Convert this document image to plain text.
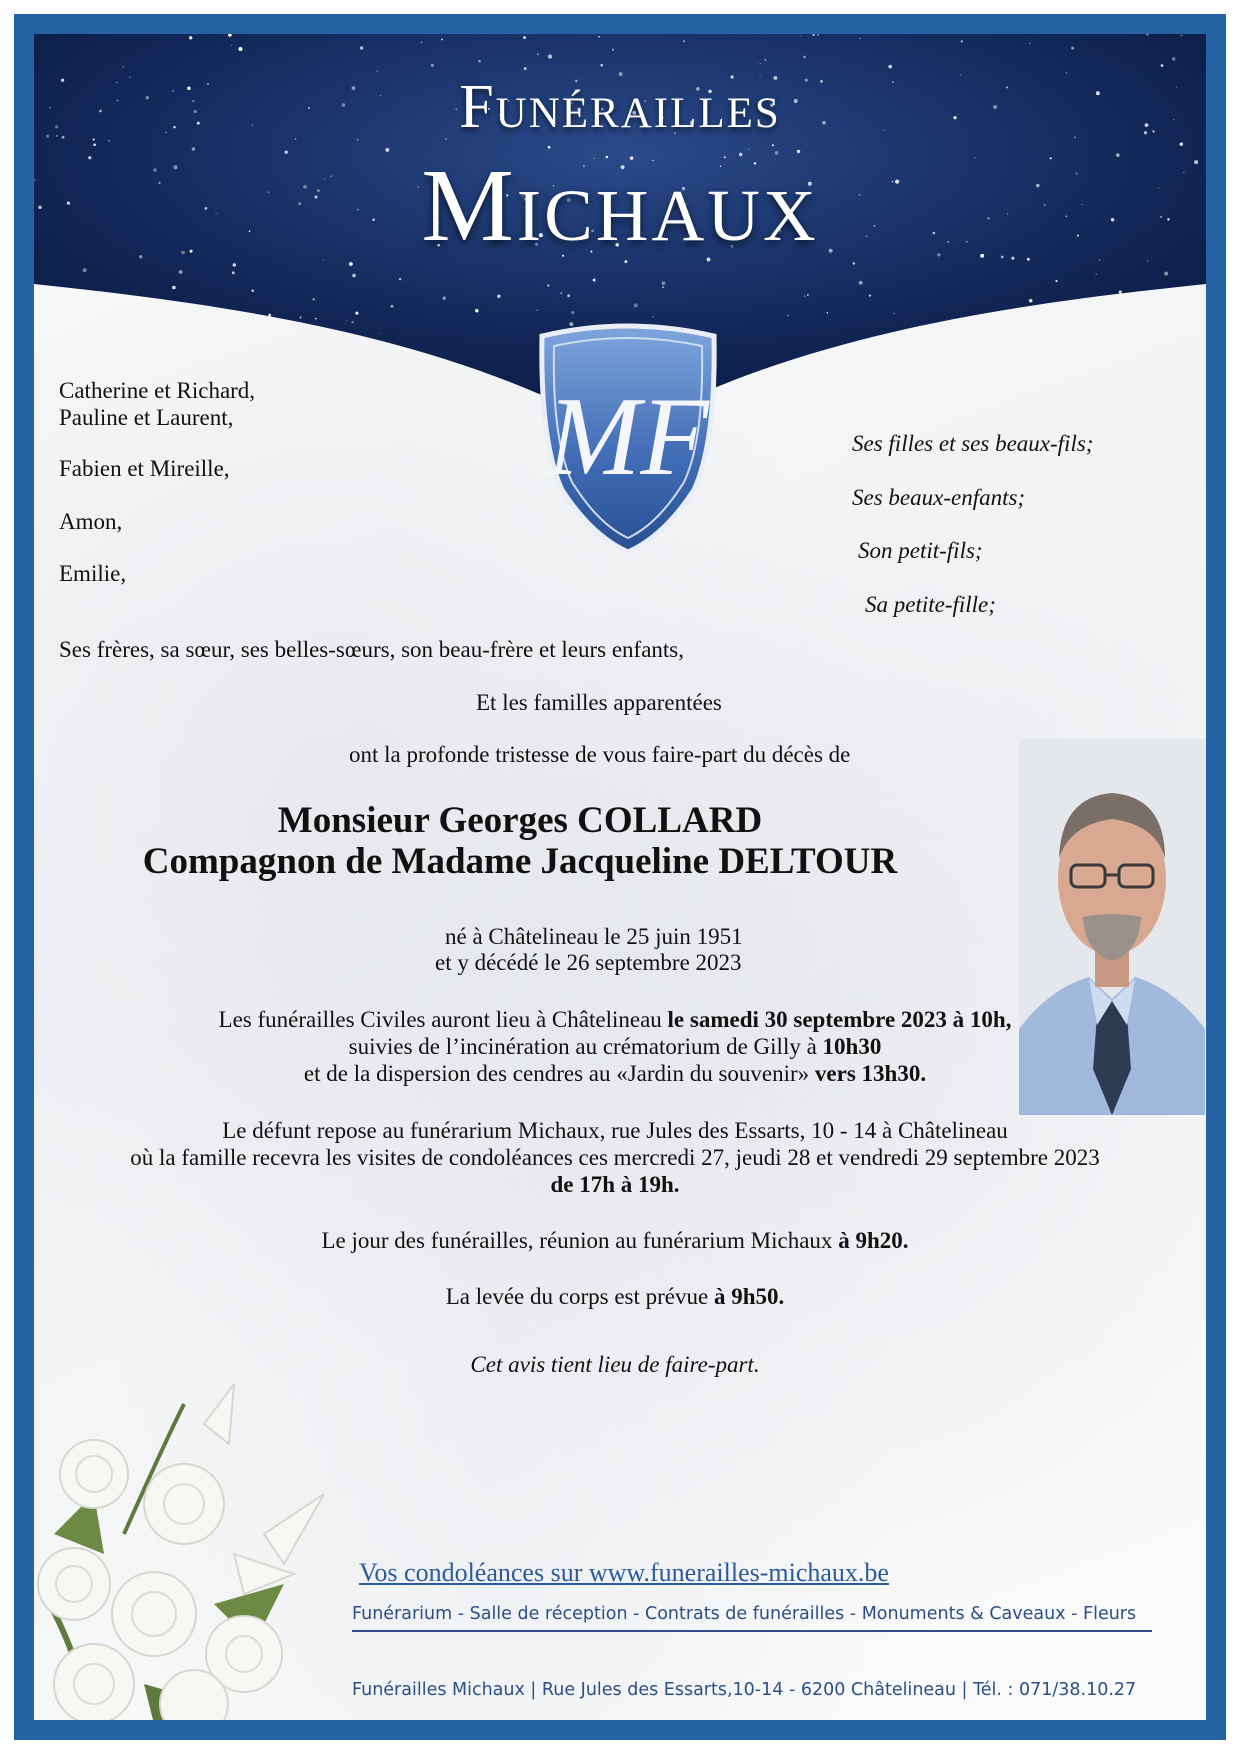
Funérailles
Michaux
MF
Catherine et Richard,
Pauline et Laurent,
Fabien et Mireille,
Amon,
Emilie,
Ses filles et ses beaux-fils;
Ses beaux-enfants;
Son petit-fils;
Sa petite-fille;
Ses frères, sa sœur, ses belles-sœurs, son beau-frère et leurs enfants,
Et les familles apparentées
ont la profonde tristesse de vous faire-part du décès de
Monsieur Georges COLLARD
Compagnon de Madame Jacqueline DELTOUR
né à Châtelineau le 25 juin 1951
et y décédé le 26 septembre 2023
Les funérailles Civiles auront lieu à Châtelineau le samedi 30 septembre 2023 à 10h,
suivies de l’incinération au crématorium de Gilly à 10h30
et de la dispersion des cendres au «Jardin du souvenir» vers 13h30.
Le défunt repose au funérarium Michaux, rue Jules des Essarts, 10 - 14 à Châtelineau
où la famille recevra les visites de condoléances ces mercredi 27, jeudi 28 et vendredi 29 septembre 2023
de 17h à 19h.
Le jour des funérailles, réunion au funérarium Michaux à 9h20.
La levée du corps est prévue à 9h50.
Cet avis tient lieu de faire-part.
Vos condoléances sur www.funerailles-michaux.be
Funérarium - Salle de réception - Contrats de funérailles - Monuments & Caveaux - Fleurs
Funérailles Michaux | Rue Jules des Essarts,10-14 - 6200 Châtelineau | Tél. : 071/38.10.27
